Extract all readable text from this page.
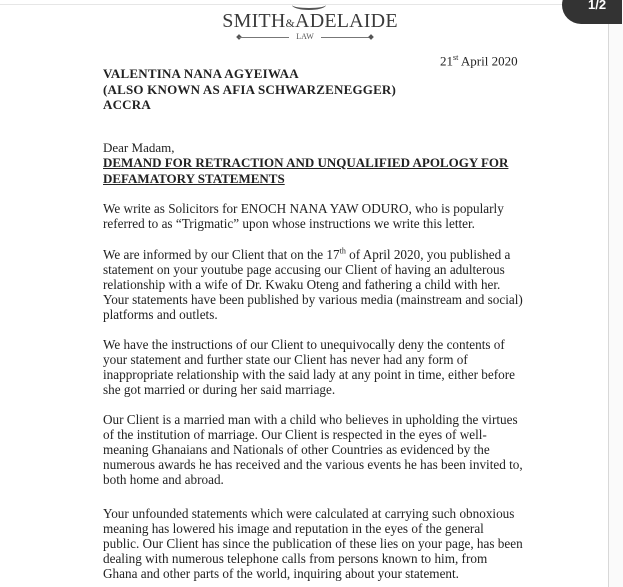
1/2
SMITH&ADELAIDE
LAW
21st April 2020
VALENTINA NANA AGYEIWAA
(ALSO KNOWN AS AFIA SCHWARZENEGGER)
ACCRA
Dear Madam,
DEMAND FOR RETRACTION AND UNQUALIFIED APOLOGY FOR DEFAMATORY STATEMENTS
We write as Solicitors for ENOCH NANA YAW ODURO, who is popularly referred to as “Trigmatic” upon whose instructions we write this letter.
We are informed by our Client that on the 17th of April 2020, you published a statement on your youtube page accusing our Client of having an adulterous relationship with a wife of Dr. Kwaku Oteng and fathering a child with her. Your statements have been published by various media (mainstream and social) platforms and outlets.
We have the instructions of our Client to unequivocally deny the contents of your statement and further state our Client has never had any form of inappropriate relationship with the said lady at any point in time, either before she got married or during her said marriage.
Our Client is a married man with a child who believes in upholding the virtues of the institution of marriage. Our Client is respected in the eyes of well-meaning Ghanaians and Nationals of other Countries as evidenced by the numerous awards he has received and the various events he has been invited to, both home and abroad.
Your unfounded statements which were calculated at carrying such obnoxious meaning has lowered his image and reputation in the eyes of the general public. Our Client has since the publication of these lies on your page, has been dealing with numerous telephone calls from persons known to him, from Ghana and other parts of the world, inquiring about your statement.
